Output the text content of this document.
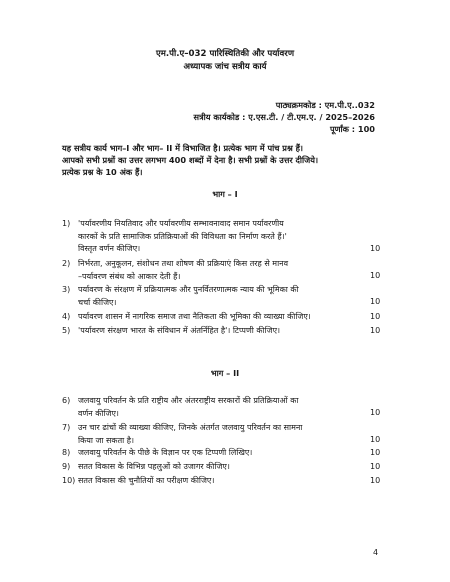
एम.पी.ए–032 पारिस्थितिकी और पर्यावरण
अध्यापक जांच सत्रीय कार्य
पाठ्यक्रमकोड : एम.पी.ए..032
सत्रीय कार्यकोड : ए.एस.टी. / टी.एम.ए. / 2025–2026
पूर्णांक : 100
यह सत्रीय कार्य भाग–I और भाग– II में विभाजित है। प्रत्येक भाग में पांच प्रश्न हैं।
आपको सभी प्रश्नों का उत्तर लगभग 400 शब्दों में देना है। सभी प्रश्नों के उत्तर दीजिये।
प्रत्येक प्रश्न के 10 अंक हैं।
भाग – I
1) 'पर्यावरणीय नियतिवाद और पर्यावरणीय सम्भावनावाद समान पर्यावरणीय
कारकों के प्रति सामाजिक प्रतिक्रियाओं की विविधता का निर्माण करते हैं।'
विस्तृत वर्णन कीजिए।	10
2) निर्भरता, अनुकूलन, संशोधन तथा शोषण की प्रक्रियाएं किस तरह से मानव
–पर्यावरण संबंध को आकार देती हैं।	10
3) पर्यावरण के संरक्षण में प्रक्रियात्मक और पुनर्वितरणात्मक न्याय की भूमिका की
चर्चा कीजिए।	10
4) पर्यावरण शासन में नागरिक समाज तथा नैतिकता की भूमिका की व्याख्या कीजिए।	10
5) 'पर्यावरण संरक्षण भारत के संविधान में अंतर्निहित है'। टिप्पणी कीजिए।	10
भाग – II
6) जलवायु परिवर्तन के प्रति राष्ट्रीय और अंतरराष्ट्रीय सरकारों की प्रतिक्रियाओं का
वर्णन कीजिए।	10
7) उन चार ढांचों की व्याख्या कीजिए, जिनके अंतर्गत जलवायु परिवर्तन का सामना
किया जा सकता है।	10
8) जलवायु परिवर्तन के पीछे के विज्ञान पर एक टिप्पणी लिखिए।	10
9) सतत विकास के विभिन्न पहलुओं को उजागर कीजिए।	10
10) सतत विकास की चुनौतियों का परीक्षण कीजिए।	10
4
